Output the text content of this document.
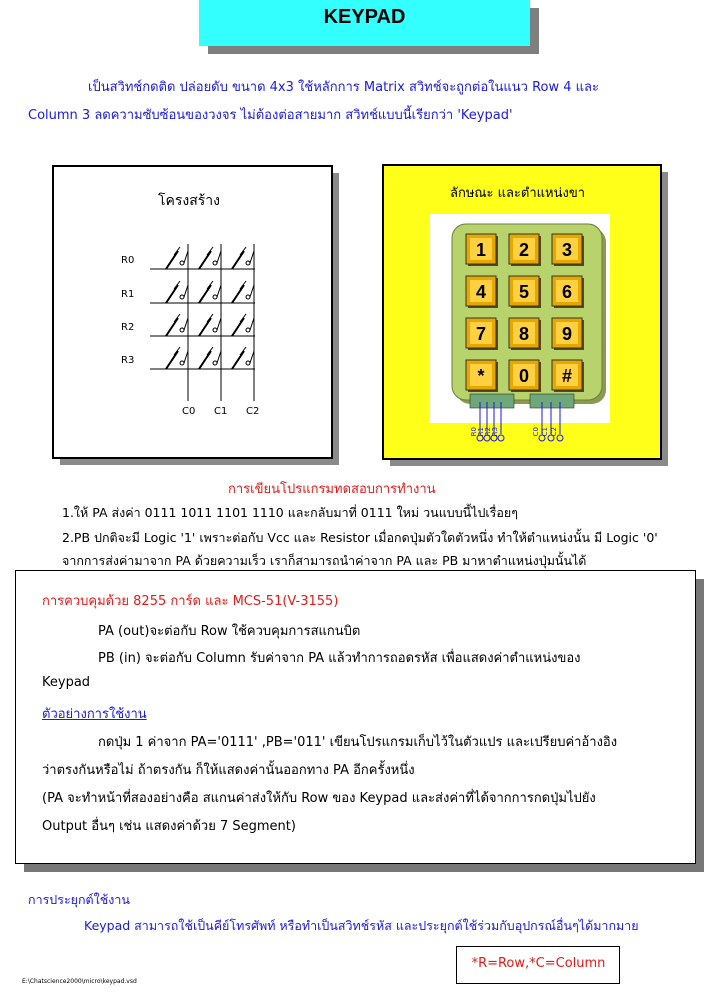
KEYPAD
เป็นสวิทช์กดติด ปล่อยดับ ขนาด 4x3 ใช้หลักการ Matrix สวิทช์จะถูกต่อในแนว Row 4 และ
Column 3 ลดความซับซ้อนของวงจร ไม่ต้องต่อสายมาก สวิทช์แบบนี้เรียกว่า 'Keypad'
โครงสร้าง
R0
R1
R2
R3
C0 C1 C2
ลักษณะ และตำแหน่งขา
1 2 3
4 5 6
7 8 9
* 0 #
R0 R1 R2 R3	C0 C1 C2
การเขียนโปรแกรมทดสอบการทำงาน
1.ให้ PA ส่งค่า 0111 1011 1101 1110 และกลับมาที่ 0111 ใหม่ วนแบบนี้ไปเรื่อยๆ
2.PB ปกติจะมี Logic '1' เพราะต่อกับ Vcc และ Resistor เมื่อกดปุ่มตัวใดตัวหนึ่ง ทำให้ตำแหน่งนั้น มี Logic '0'
จากการส่งค่ามาจาก PA ด้วยความเร็ว เราก็สามารถนำค่าจาก PA และ PB มาหาตำแหน่งปุ่มนั้นได้
การควบคุมด้วย 8255 การ์ด และ MCS-51(V-3155)
PA (out)จะต่อกับ Row ใช้ควบคุมการสแกนบิต
PB (in) จะต่อกับ Column รับค่าจาก PA แล้วทำการถอดรหัส เพื่อแสดงค่าตำแหน่งของ
Keypad
ตัวอย่างการใช้งาน
กดปุ่ม 1 ค่าจาก PA='0111' ,PB='011' เขียนโปรแกรมเก็บไว้ในตัวแปร และเปรียบค่าอ้างอิง
ว่าตรงกันหรือไม่ ถ้าตรงกัน ก็ให้แสดงค่านั้นออกทาง PA อีกครั้งหนึ่ง
(PA จะทำหน้าที่สองอย่างคือ สแกนค่าส่งให้กับ Row ของ Keypad และส่งค่าที่ได้จากการกดปุ่มไปยัง
Output อื่นๆ เช่น แสดงค่าด้วย 7 Segment)
การประยุกต์ใช้งาน
Keypad สามารถใช้เป็นคีย์โทรศัพท์ หรือทำเป็นสวิทช์รหัส และประยุกต์ใช้ร่วมกับอุปกรณ์อื่นๆได้มากมาย
E:\Chatscience2000\micro\keypad.vsd
*R=Row,*C=Column
